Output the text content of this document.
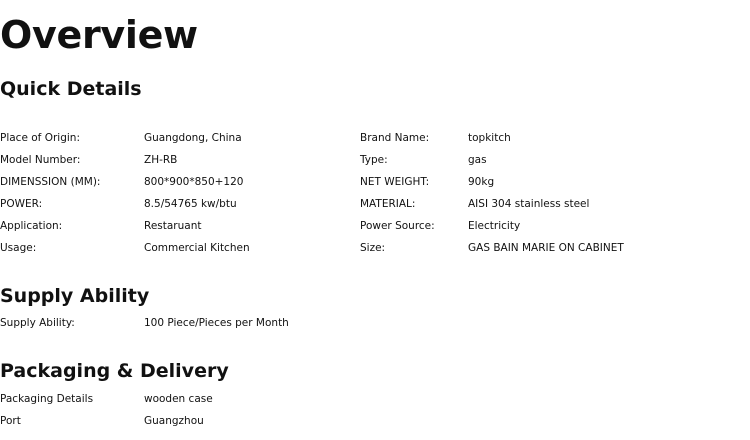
Overview
Quick Details
Place of Origin:	Guangdong, China	Brand Name:	topkitch
Model Number:	ZH-RB	Type:	gas
DIMENSSION (MM):	800*900*850+120	NET WEIGHT:	90kg
POWER:	8.5/54765 kw/btu	MATERIAL:	AISI 304 stainless steel
Application:	Restaruant	Power Source:	Electricity
Usage:	Commercial Kitchen	Size:	GAS BAIN MARIE ON CABINET
Supply Ability
Supply Ability:	100 Piece/Pieces per Month
Packaging & Delivery
Packaging Details	wooden case
Port	Guangzhou
